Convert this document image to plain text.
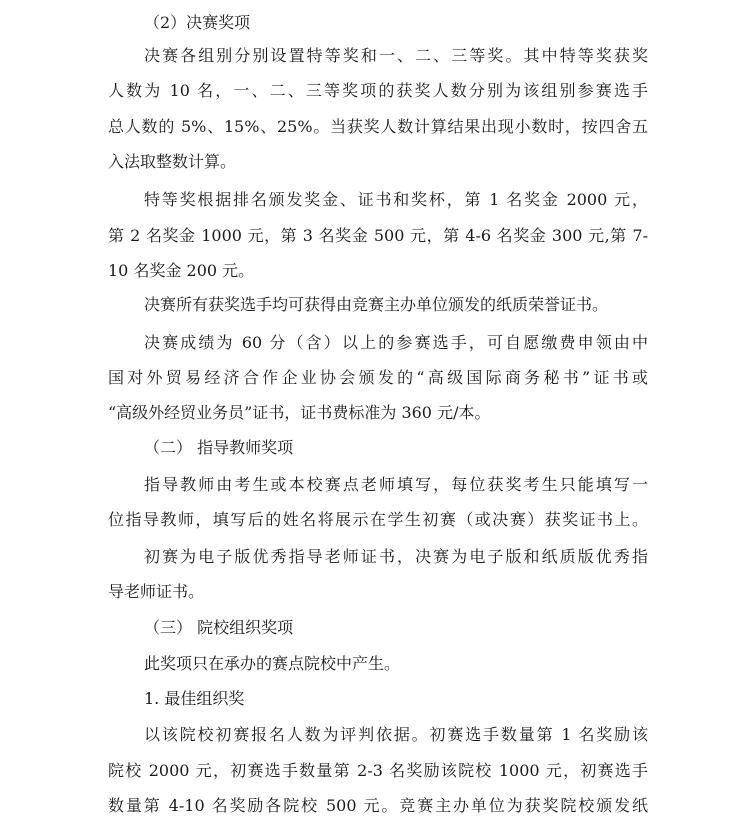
（2）决赛奖项
决赛各组别分别设置特等奖和一、二、三等奖。其中特等奖获奖
人数为 10 名，一、二、三等奖项的获奖人数分别为该组别参赛选手
总人数的 5%、15%、25%。当获奖人数计算结果出现小数时，按四舍五
入法取整数计算。
特等奖根据排名颁发奖金、证书和奖杯，第 1 名奖金 2000 元，
第 2 名奖金 1000 元，第 3 名奖金 500 元，第 4-6 名奖金 300 元,第 7-
10 名奖金 200 元。
决赛所有获奖选手均可获得由竞赛主办单位颁发的纸质荣誉证书。
决赛成绩为 60 分（含）以上的参赛选手，可自愿缴费申领由中
国对外贸易经济合作企业协会颁发的“高级国际商务秘书”证书或
“高级外经贸业务员”证书，证书费标准为 360 元/本。
（二） 指导教师奖项
指导教师由考生或本校赛点老师填写，每位获奖考生只能填写一
位指导教师，填写后的姓名将展示在学生初赛（或决赛）获奖证书上。
初赛为电子版优秀指导老师证书，决赛为电子版和纸质版优秀指
导老师证书。
（三） 院校组织奖项
此奖项只在承办的赛点院校中产生。
1. 最佳组织奖
以该院校初赛报名人数为评判依据。初赛选手数量第 1 名奖励该
院校 2000 元，初赛选手数量第 2-3 名奖励该院校 1000 元，初赛选手
数量第 4-10 名奖励各院校 500 元。竞赛主办单位为获奖院校颁发纸
